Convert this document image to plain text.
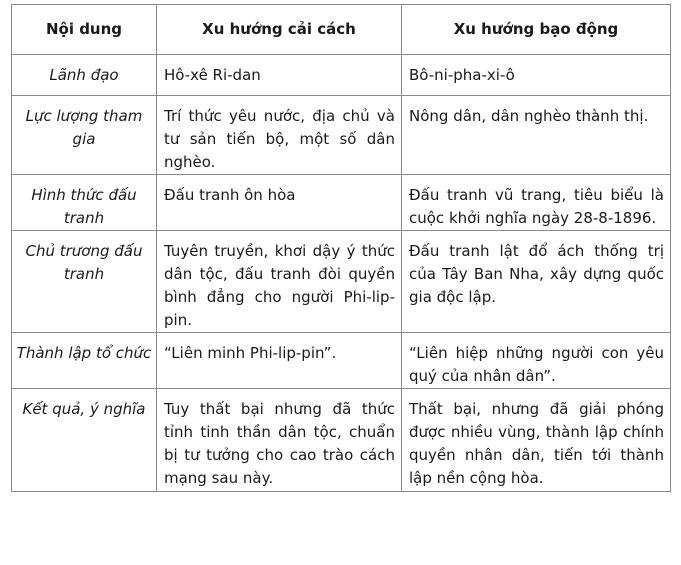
Nội dung	Xu hướng cải cách	Xu hướng bạo động
Lãnh đạo	Hô-xê Ri-dan	Bô-ni-pha-xi-ô
Lực lượng tham gia	Trí thức yêu nước, địa chủ và tư sản tiến bộ, một số dân nghèo.	Nông dân, dân nghèo thành thị.
Hình thức đấu tranh	Đấu tranh ôn hòa	Đấu tranh vũ trang, tiêu biểu là cuộc khởi nghĩa ngày 28-8-1896.
Chủ trương đấu tranh	Tuyên truyền, khơi dậy ý thức dân tộc, đấu tranh đòi quyền bình đẳng cho người Phi-lip-pin.	Đấu tranh lật đổ ách thống trị của Tây Ban Nha, xây dựng quốc gia độc lập.
Thành lập tổ chức	“Liên minh Phi-lip-pin”.	“Liên hiệp những người con yêu quý của nhân dân”.
Kết quả, ý nghĩa	Tuy thất bại nhưng đã thức tỉnh tinh thần dân tộc, chuẩn bị tư tưởng cho cao trào cách mạng sau này.	Thất bại, nhưng đã giải phóng được nhiều vùng, thành lập chính quyền nhân dân, tiến tới thành lập nền cộng hòa.
